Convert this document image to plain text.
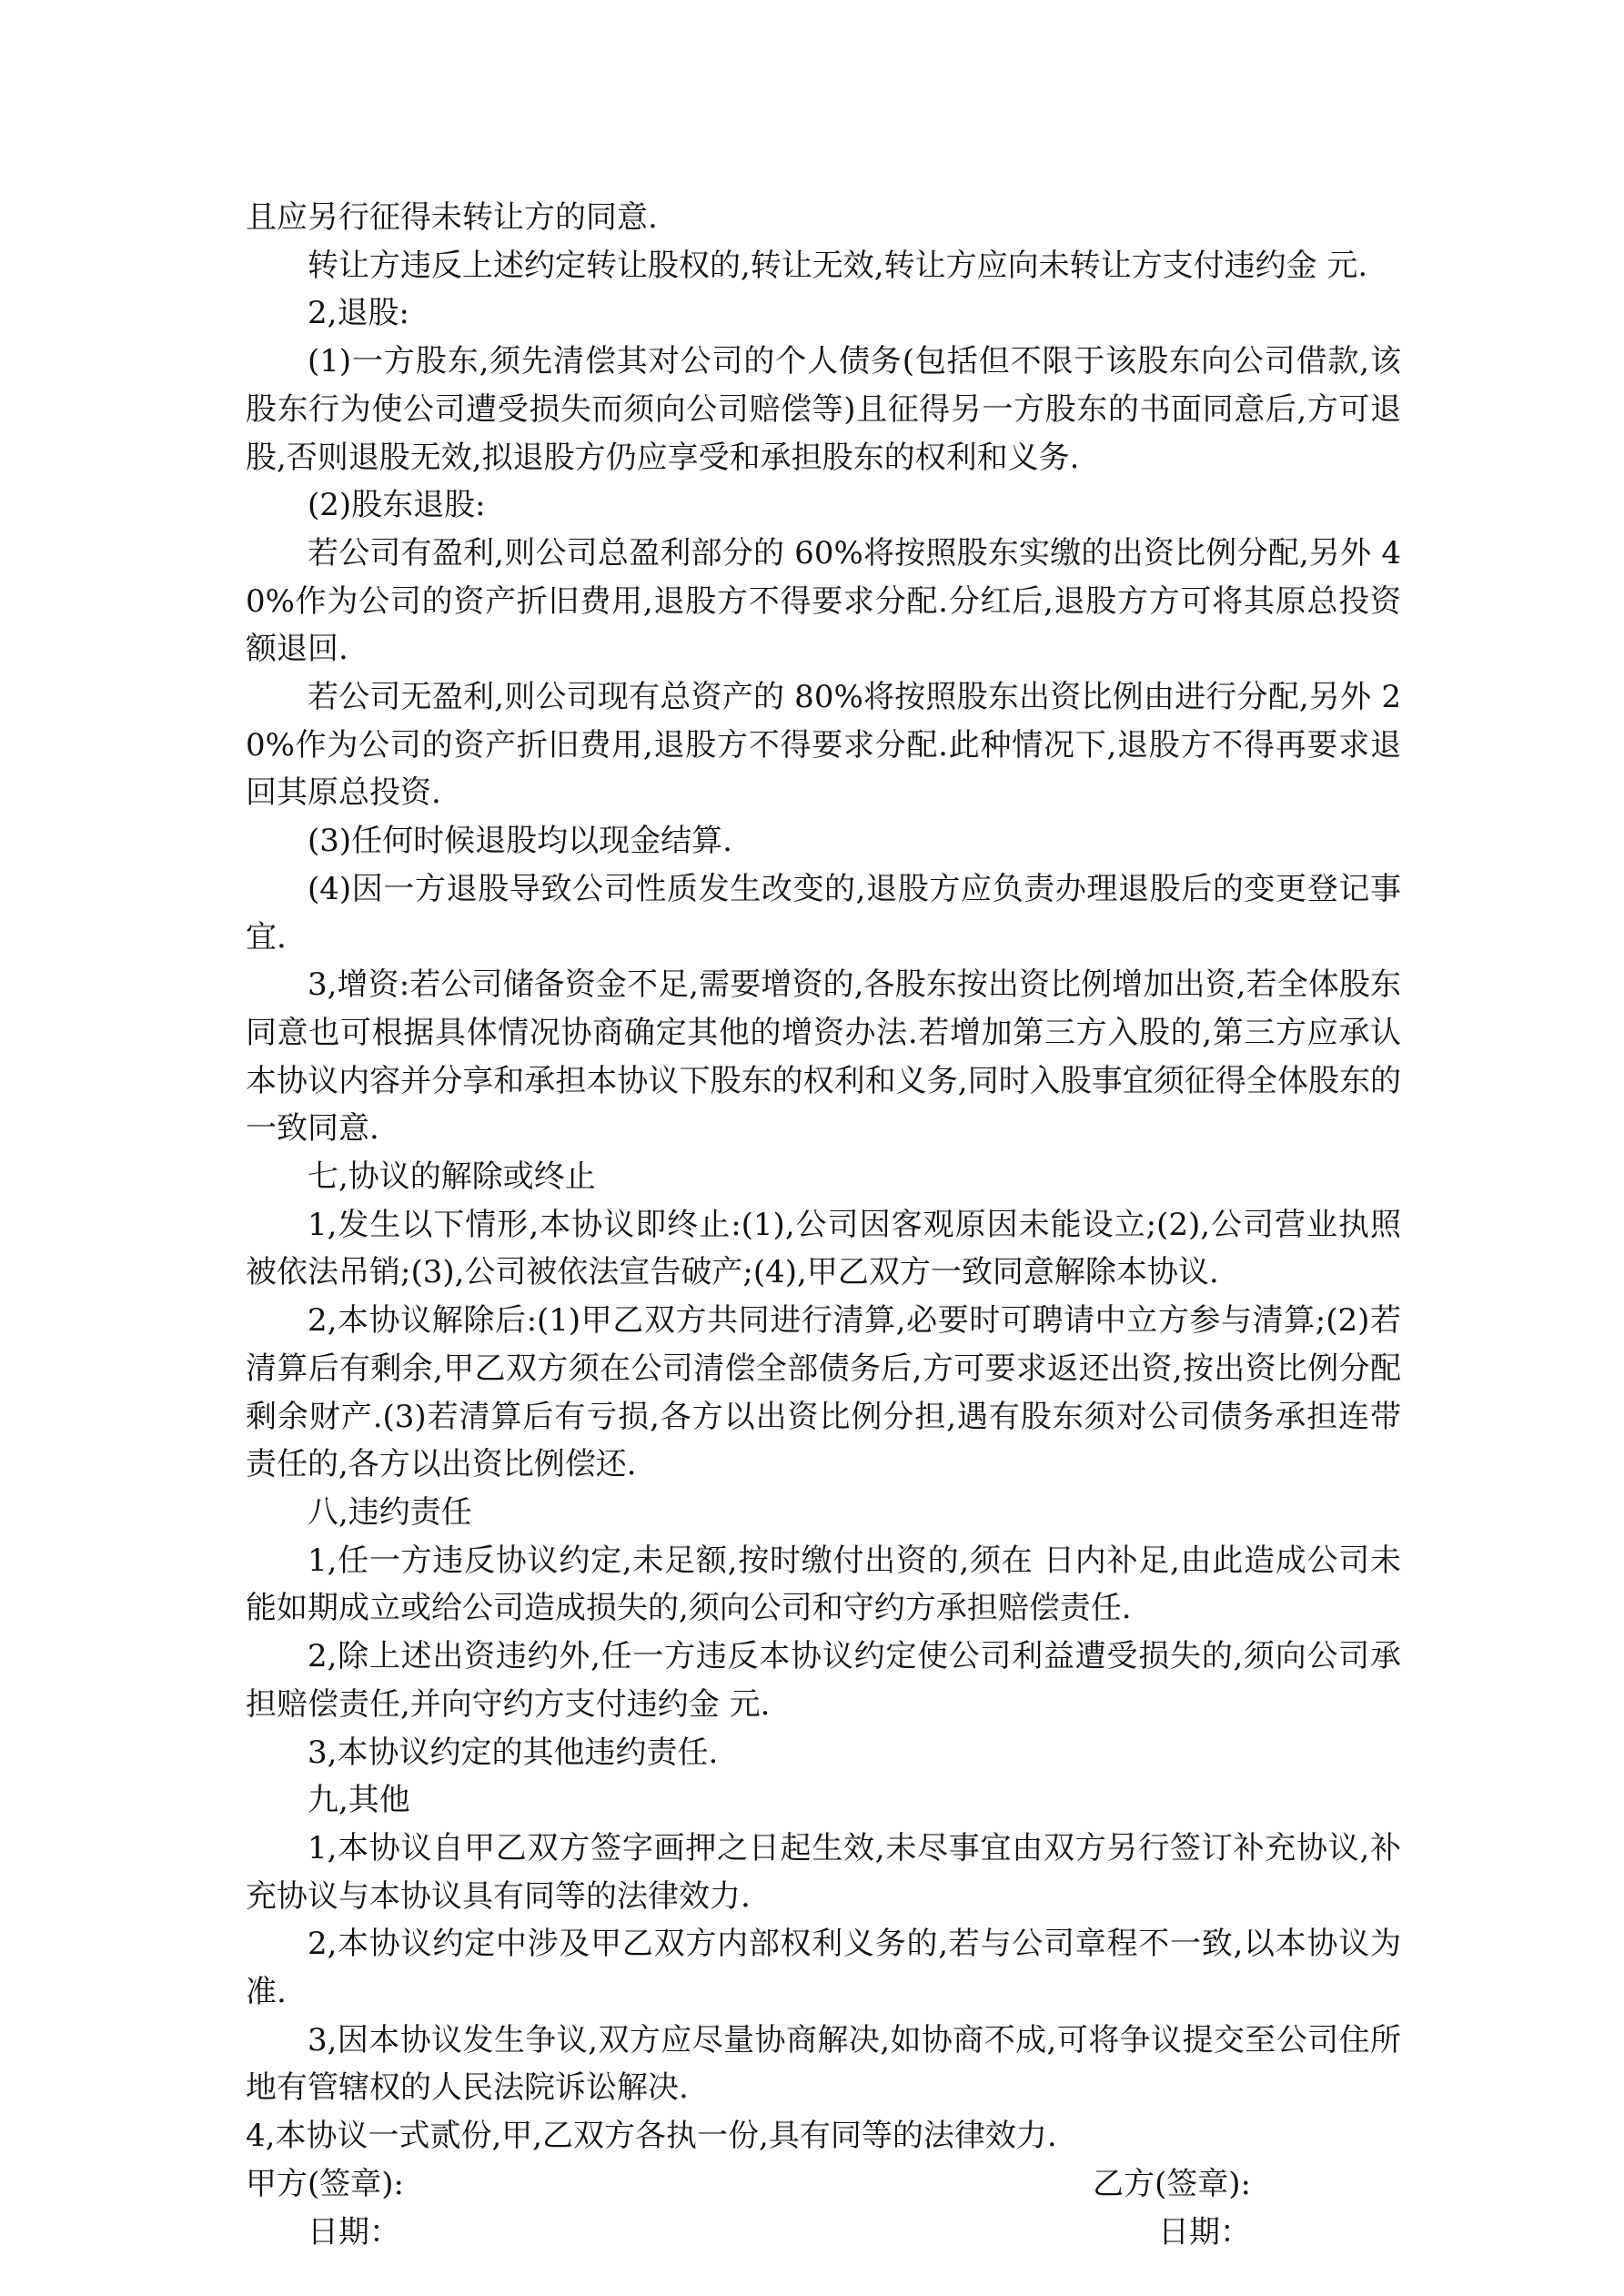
且应另行征得未转让方的同意.

转让方违反上述约定转让股权的,转让无效,转让方应向未转让方支付违约金 元.

2,退股:

(1)一方股东,须先清偿其对公司的个人债务(包括但不限于该股东向公司借款,该股东行为使公司遭受损失而须向公司赔偿等)且征得另一方股东的书面同意后,方可退股,否则退股无效,拟退股方仍应享受和承担股东的权利和义务.

(2)股东退股:

若公司有盈利,则公司总盈利部分的 60%将按照股东实缴的出资比例分配,另外 40%作为公司的资产折旧费用,退股方不得要求分配.分红后,退股方方可将其原总投资额退回.

若公司无盈利,则公司现有总资产的 80%将按照股东出资比例由进行分配,另外 20%作为公司的资产折旧费用,退股方不得要求分配.此种情况下,退股方不得再要求退回其原总投资.

(3)任何时候退股均以现金结算.

(4)因一方退股导致公司性质发生改变的,退股方应负责办理退股后的变更登记事宜.

3,增资:若公司储备资金不足,需要增资的,各股东按出资比例增加出资,若全体股东同意也可根据具体情况协商确定其他的增资办法.若增加第三方入股的,第三方应承认本协议内容并分享和承担本协议下股东的权利和义务,同时入股事宜须征得全体股东的一致同意.

七,协议的解除或终止

1,发生以下情形,本协议即终止:(1),公司因客观原因未能设立;(2),公司营业执照被依法吊销;(3),公司被依法宣告破产;(4),甲乙双方一致同意解除本协议.

2,本协议解除后:(1)甲乙双方共同进行清算,必要时可聘请中立方参与清算;(2)若清算后有剩余,甲乙双方须在公司清偿全部债务后,方可要求返还出资,按出资比例分配剩余财产.(3)若清算后有亏损,各方以出资比例分担,遇有股东须对公司债务承担连带责任的,各方以出资比例偿还.

八,违约责任

1,任一方违反协议约定,未足额,按时缴付出资的,须在 日内补足,由此造成公司未能如期成立或给公司造成损失的,须向公司和守约方承担赔偿责任.

2,除上述出资违约外,任一方违反本协议约定使公司利益遭受损失的,须向公司承担赔偿责任,并向守约方支付违约金 元.

3,本协议约定的其他违约责任.

九,其他

1,本协议自甲乙双方签字画押之日起生效,未尽事宜由双方另行签订补充协议,补充协议与本协议具有同等的法律效力.

2,本协议约定中涉及甲乙双方内部权利义务的,若与公司章程不一致,以本协议为准.

3,因本协议发生争议,双方应尽量协商解决,如协商不成,可将争议提交至公司住所地有管辖权的人民法院诉讼解决.

4,本协议一式贰份,甲,乙双方各执一份,具有同等的法律效力.

甲方(签章):	乙方(签章):
日期：	日期：
